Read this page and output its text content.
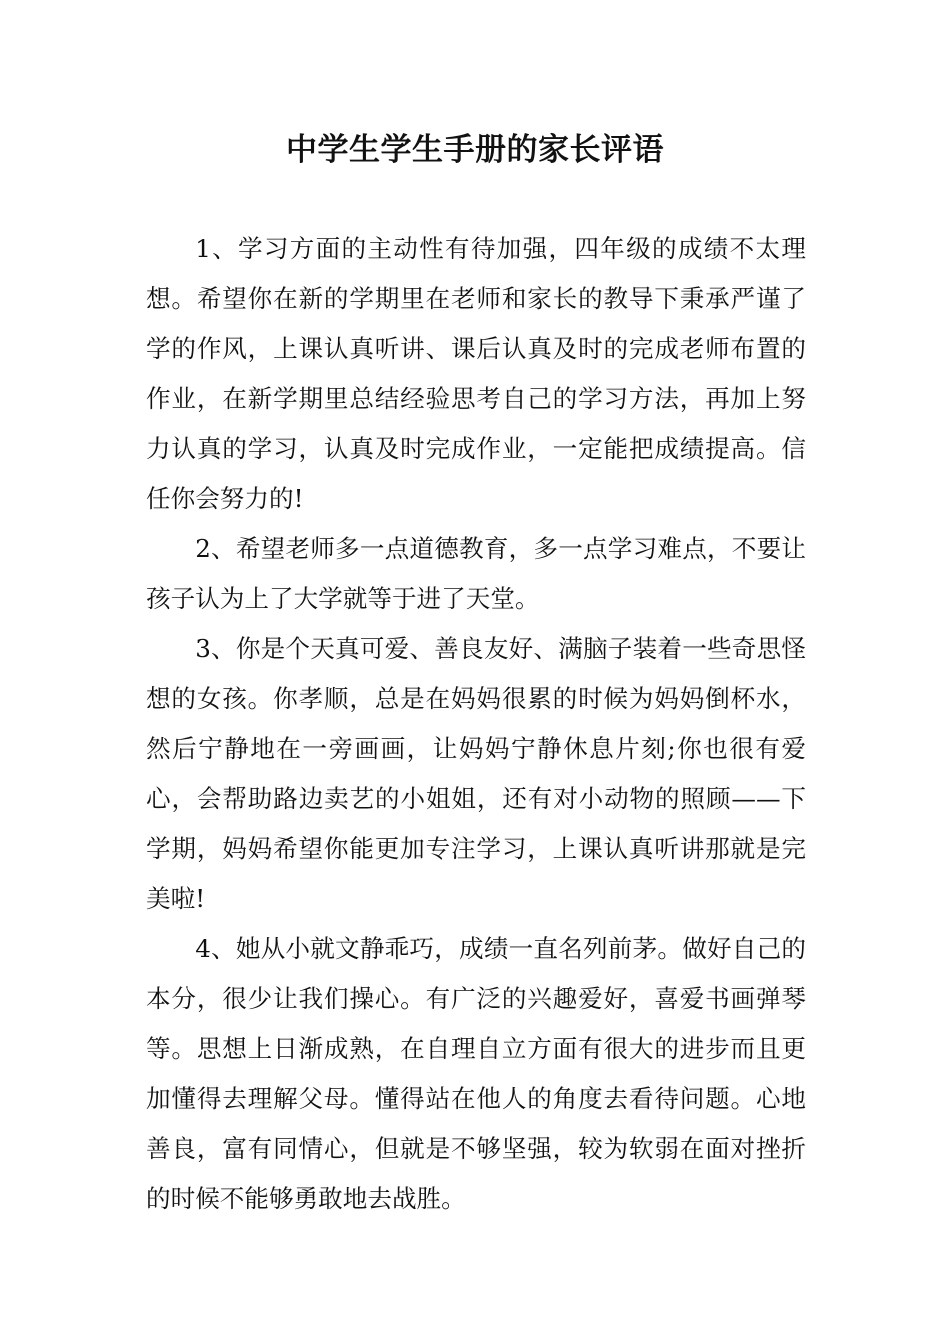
中学生学生手册的家长评语

1、学习方面的主动性有待加强，四年级的成绩不太理想。希望你在新的学期里在老师和家长的教导下秉承严谨了学的作风，上课认真听讲、课后认真及时的完成老师布置的作业，在新学期里总结经验思考自己的学习方法，再加上努力认真的学习，认真及时完成作业，一定能把成绩提高。信任你会努力的!

2、希望老师多一点道德教育，多一点学习难点，不要让孩子认为上了大学就等于进了天堂。

3、你是个天真可爱、善良友好、满脑子装着一些奇思怪想的女孩。你孝顺，总是在妈妈很累的时候为妈妈倒杯水，然后宁静地在一旁画画，让妈妈宁静休息片刻;你也很有爱心，会帮助路边卖艺的小姐姐，还有对小动物的照顾——下学期，妈妈希望你能更加专注学习，上课认真听讲那就是完美啦!

4、她从小就文静乖巧，成绩一直名列前茅。做好自己的本分，很少让我们操心。有广泛的兴趣爱好，喜爱书画弹琴等。思想上日渐成熟，在自理自立方面有很大的进步而且更加懂得去理解父母。懂得站在他人的角度去看待问题。心地善良，富有同情心，但就是不够坚强，较为软弱在面对挫折的时候不能够勇敢地去战胜。
